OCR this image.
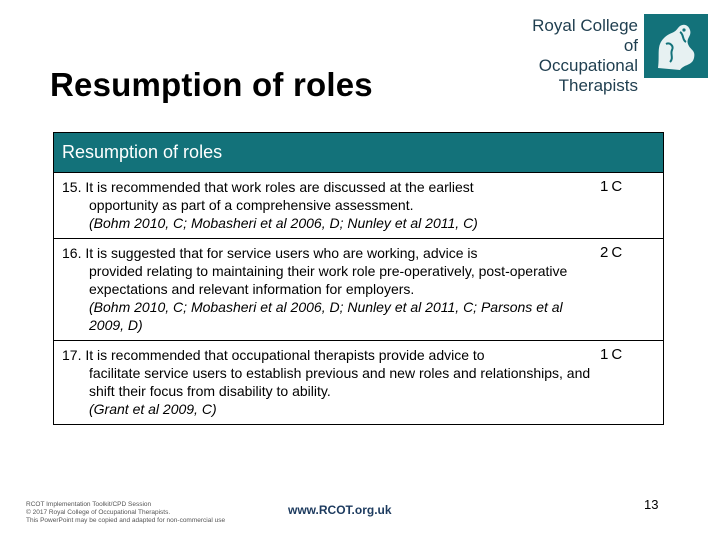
Resumption of roles
Royal College of
Occupational
Therapists
Resumption of roles
15. It is recommended that work roles are discussed at the earliest
opportunity as part of a comprehensive assessment.
(Bohm 2010, C; Mobasheri et al 2006, D; Nunley et al 2011, C)
1C
16. It is suggested that for service users who are working, advice is
provided relating to maintaining their work role pre-operatively, post-operative expectations and relevant information for employers.
(Bohm 2010, C; Mobasheri et al 2006, D; Nunley et al 2011, C; Parsons et al 2009, D)
2C
17. It is recommended that occupational therapists provide advice to
facilitate service users to establish previous and new roles and relationships, and shift their focus from disability to ability.
(Grant et al 2009, C)
1C
RCOT Implementation Toolkit/CPD Session
© 2017 Royal College of Occupational Therapists.
This PowerPoint may be copied and adapted for non-commercial use
www.RCOT.org.uk	13
